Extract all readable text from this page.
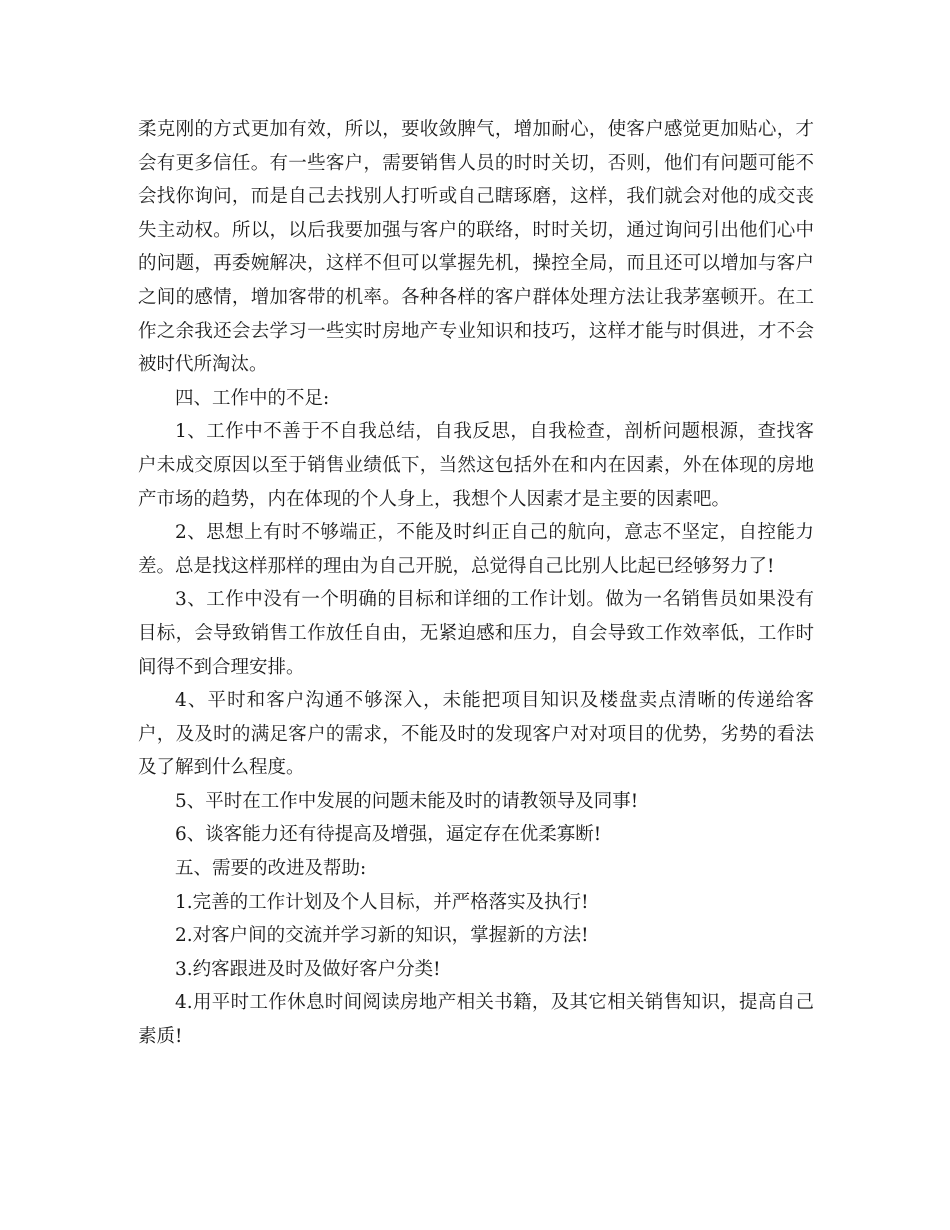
柔克刚的方式更加有效，所以，要收敛脾气，增加耐心，使客户感觉更加贴心，才会有更多信任。有一些客户，需要销售人员的时时关切，否则，他们有问题可能不会找你询问，而是自己去找别人打听或自己瞎琢磨，这样，我们就会对他的成交丧失主动权。所以，以后我要加强与客户的联络，时时关切，通过询问引出他们心中的问题，再委婉解决，这样不但可以掌握先机，操控全局，而且还可以增加与客户之间的感情，增加客带的机率。各种各样的客户群体处理方法让我茅塞顿开。在工作之余我还会去学习一些实时房地产专业知识和技巧，这样才能与时俱进，才不会被时代所淘汰。

四、工作中的不足:

1、工作中不善于不自我总结，自我反思，自我检查，剖析问题根源，查找客户未成交原因以至于销售业绩低下，当然这包括外在和内在因素，外在体现的房地产市场的趋势，内在体现的个人身上，我想个人因素才是主要的因素吧。

2、思想上有时不够端正，不能及时纠正自己的航向，意志不坚定，自控能力差。总是找这样那样的理由为自己开脱，总觉得自己比别人比起已经够努力了!

3、工作中没有一个明确的目标和详细的工作计划。做为一名销售员如果没有目标，会导致销售工作放任自由，无紧迫感和压力，自会导致工作效率低，工作时间得不到合理安排。

4、平时和客户沟通不够深入，未能把项目知识及楼盘卖点清晰的传递给客户，及及时的满足客户的需求，不能及时的发现客户对对项目的优势，劣势的看法及了解到什么程度。

5、平时在工作中发展的问题未能及时的请教领导及同事!

6、谈客能力还有待提高及增强，逼定存在优柔寡断!

五、需要的改进及帮助:

1.完善的工作计划及个人目标，并严格落实及执行!

2.对客户间的交流并学习新的知识，掌握新的方法!

3.约客跟进及时及做好客户分类!

4.用平时工作休息时间阅读房地产相关书籍，及其它相关销售知识，提高自己素质!
